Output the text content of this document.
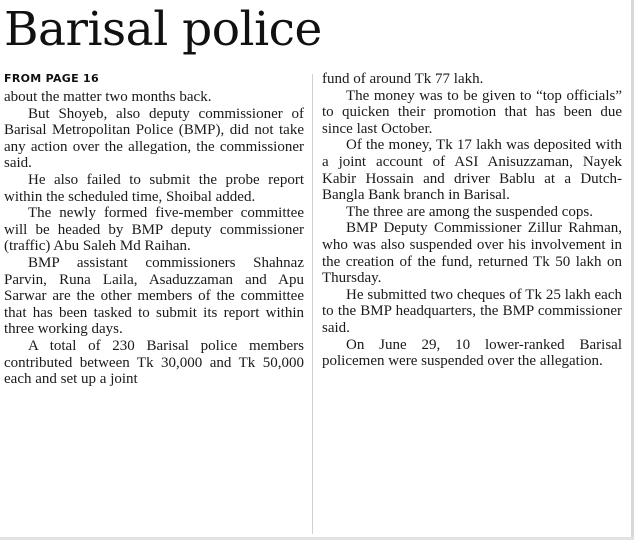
Barisal police
FROM PAGE 16

about the matter two months back.

But Shoyeb, also deputy commissioner of Barisal Metropolitan Police (BMP), did not take any action over the allegation, the commissioner said.

He also failed to submit the probe report within the scheduled time, Shoibal added.

The newly formed five-member committee will be headed by BMP deputy commissioner (traffic) Abu Saleh Md Raihan.

BMP assistant commissioners Shahnaz Parvin, Runa Laila, Asaduzzaman and Apu Sarwar are the other members of the committee that has been tasked to submit its report within three working days.

A total of 230 Barisal police members contributed between Tk 30,000 and Tk 50,000 each and set up a joint

fund of around Tk 77 lakh.

The money was to be given to “top officials” to quicken their promotion that has been due since last October.

Of the money, Tk 17 lakh was deposited with a joint account of ASI Anisuzzaman, Nayek Kabir Hossain and driver Bablu at a Dutch-Bangla Bank branch in Barisal.

The three are among the suspended cops.

BMP Deputy Commissioner Zillur Rahman, who was also suspended over his involvement in the creation of the fund, returned Tk 50 lakh on Thursday.

He submitted two cheques of Tk 25 lakh each to the BMP headquarters, the BMP commissioner said.

On June 29, 10 lower-ranked Barisal policemen were suspended over the allegation.
